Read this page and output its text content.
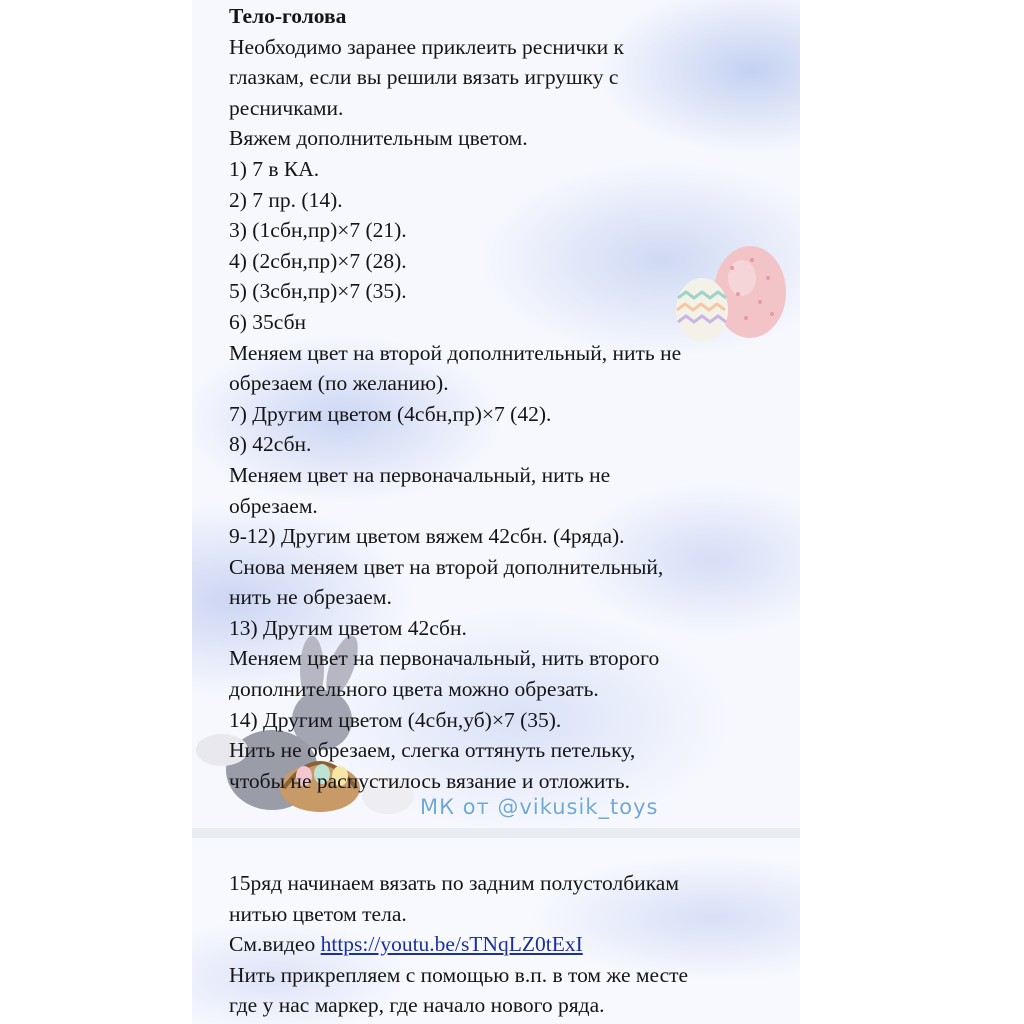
Тело-голова
Необходимо заранее приклеить реснички к
глазкам, если вы решили вязать игрушку с
ресничками.
Вяжем дополнительным цветом.
1) 7 в КА.
2) 7 пр. (14).
3) (1сбн,пр)×7 (21).
4) (2сбн,пр)×7 (28).
5) (3сбн,пр)×7 (35).
6) 35сбн
Меняем цвет на второй дополнительный, нить не
обрезаем (по желанию).
7) Другим цветом (4сбн,пр)×7 (42).
8) 42сбн.
Меняем цвет на первоначальный, нить не
обрезаем.
9-12) Другим цветом вяжем 42сбн. (4ряда).
Снова меняем цвет на второй дополнительный,
нить не обрезаем.
13) Другим цветом 42сбн.
Меняем цвет на первоначальный, нить второго
дополнительного цвета можно обрезать.
14) Другим цветом (4сбн,уб)×7 (35).
Нить не обрезаем, слегка оттянуть петельку,
чтобы не распустилось вязание и отложить.
МК от @vikusik_toys
15ряд начинаем вязать по задним полустолбикам
нитью цветом тела.
См.видео https://youtu.be/sTNqLZ0tExI
Нить прикрепляем с помощью в.п. в том же месте
где у нас маркер, где начало нового ряда.
